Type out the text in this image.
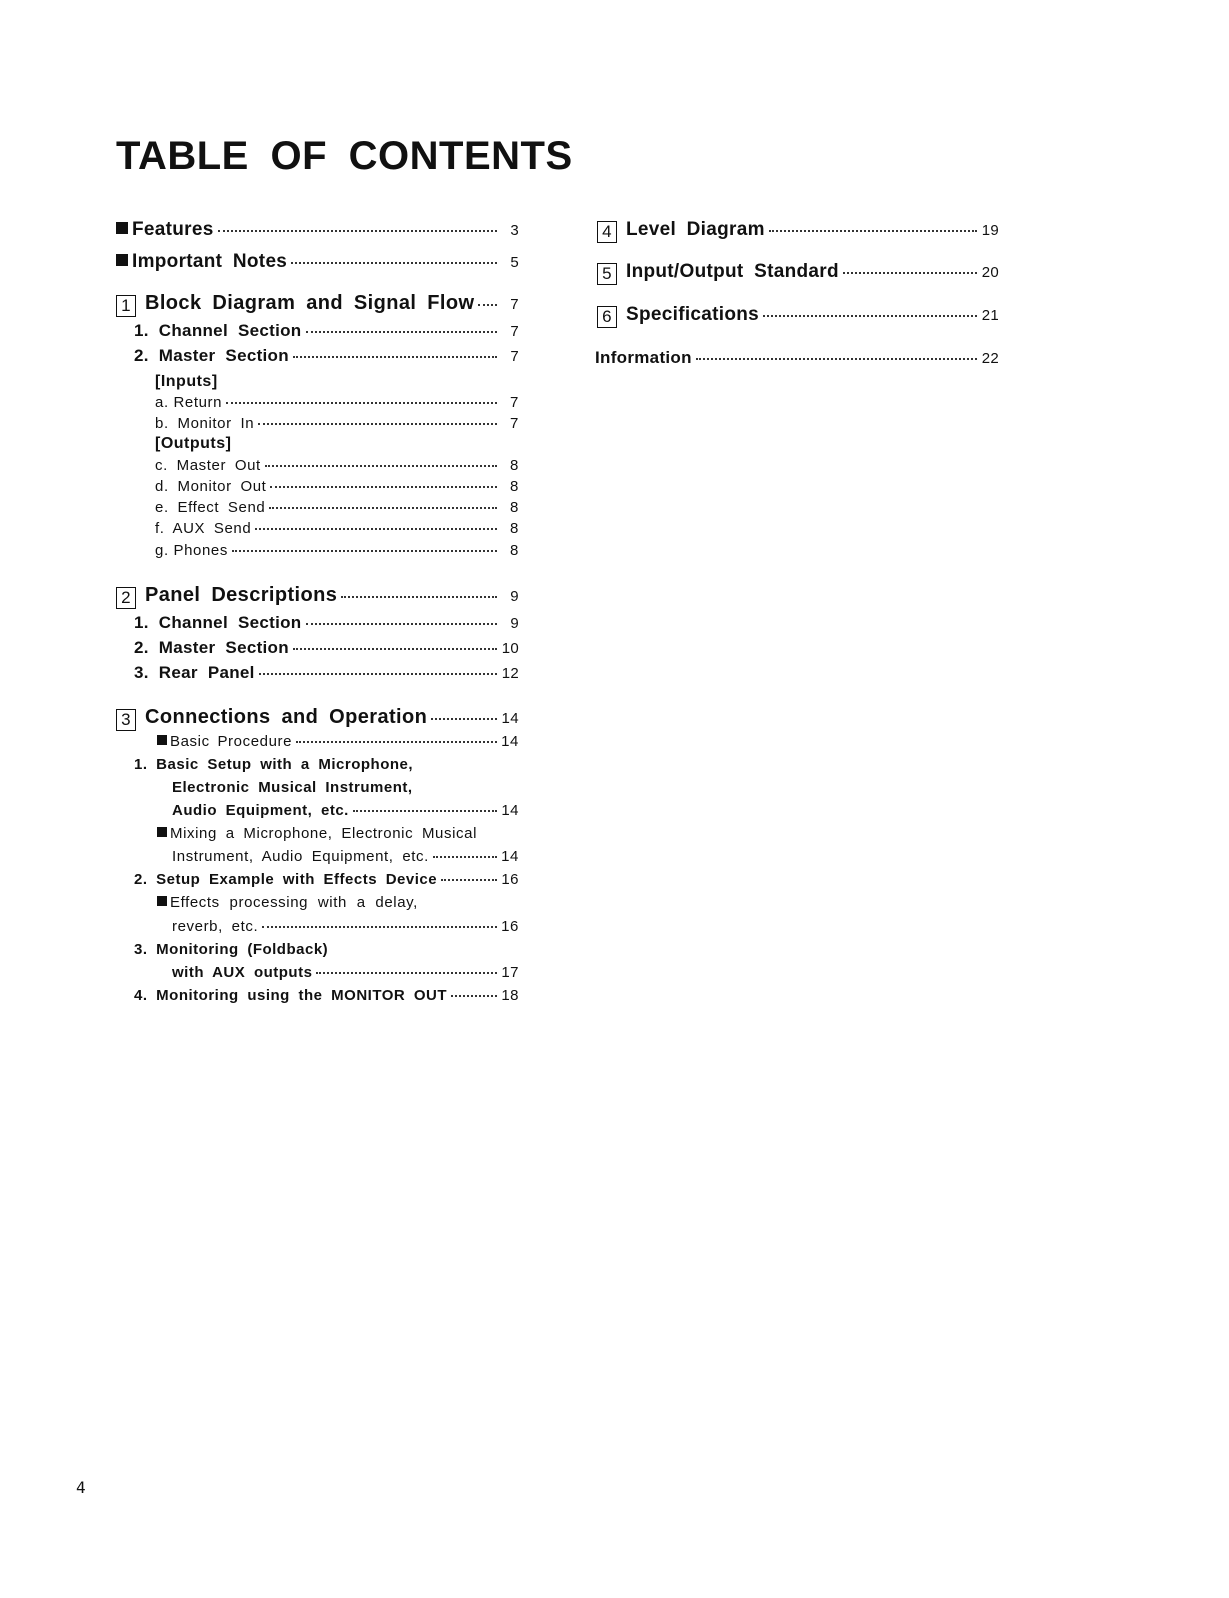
TABLE OF CONTENTS
Features	3
Important Notes	5
1 Block Diagram and Signal Flow	7
1. Channel Section	7
2. Master Section	7
[Inputs]
a. Return	7
b. Monitor In	7
[Outputs]
c. Master Out	8
d. Monitor Out	8
e. Effect Send	8
f. AUX Send	8
g. Phones	8
2 Panel Descriptions	9
1. Channel Section	9
2. Master Section	10
3. Rear Panel	12
3 Connections and Operation	14
Basic Procedure	14
1. Basic Setup with a Microphone,
Electronic Musical Instrument,
Audio Equipment, etc.	14
Mixing a Microphone, Electronic Musical
Instrument, Audio Equipment, etc.	14
2. Setup Example with Effects Device	16
Effects processing with a delay,
reverb, etc.	16
3. Monitoring (Foldback)
with AUX outputs	17
4. Monitoring using the MONITOR OUT	18
4 Level Diagram	19
5 Input/Output Standard	20
6 Specifications	21
Information	22
4
